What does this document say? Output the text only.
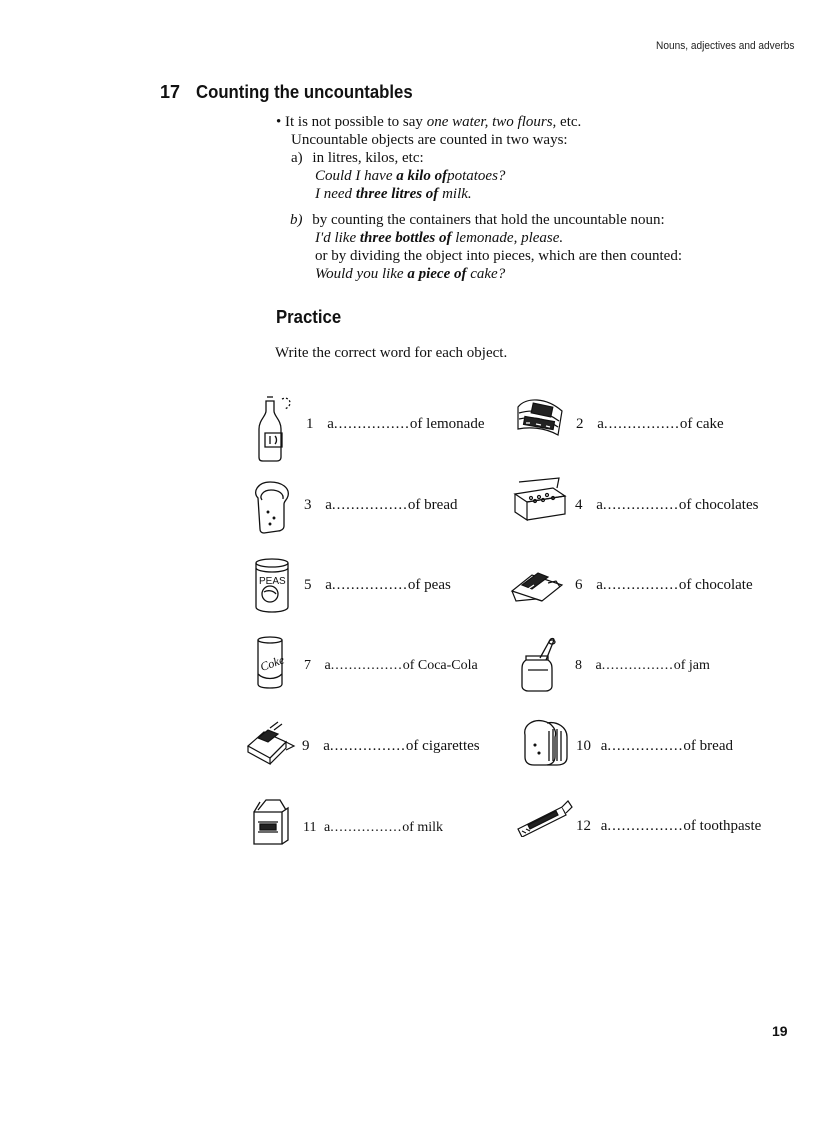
Nouns, adjectives and adverbs
17 Counting the uncountables
• It is not possible to say one water, two flours, etc.
Uncountable objects are counted in two ways:
a) in litres, kilos, etc:
Could I have a kilo ofpotatoes?
I need three litres of milk.
b) by counting the containers that hold the uncountable noun:
I'd like three bottles of lemonade, please.
or by dividing the object into pieces, which are then counted:
Would you like a piece of cake?
Practice
Write the correct word for each object.
1 a................of lemonade	2 a................of cake
3 a................of bread	4 a................of chocolates
5 a................of peas	6 a................of chocolate
7 a................of Coca-Cola	8 a................of jam
9 a................of cigarettes	10 a................of bread
11 a................of milk	12 a................of toothpaste
PEAS
Coke
19
